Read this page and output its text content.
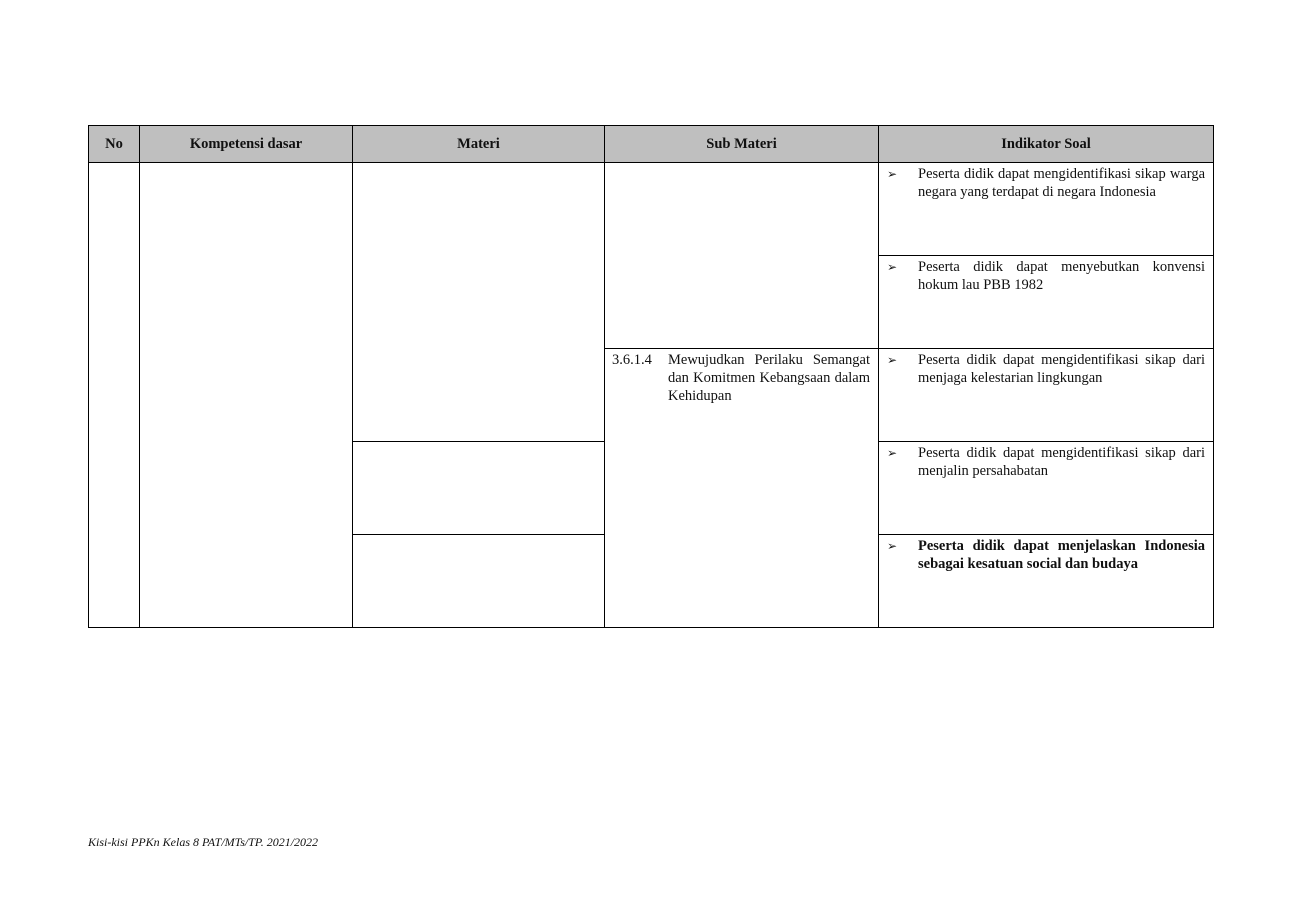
No	Kompetensi dasar	Materi	Sub Materi	Indikator Soal

				➢ Peserta didik dapat mengidentifikasi sikap warga negara yang terdapat di negara Indonesia

				➢ Peserta didik dapat menyebutkan konvensi hokum lau PBB 1982

			3.6.1.4 Mewujudkan Perilaku Semangat dan Komitmen Kebangsaan dalam Kehidupan	➢ Peserta didik dapat mengidentifikasi sikap dari menjaga kelestarian lingkungan

				➢ Peserta didik dapat mengidentifikasi sikap dari menjalin persahabatan

				➢ Peserta didik dapat menjelaskan Indonesia sebagai kesatuan social dan budaya
Kisi-kisi PPKn Kelas 8 PAT/MTs/TP. 2021/2022
